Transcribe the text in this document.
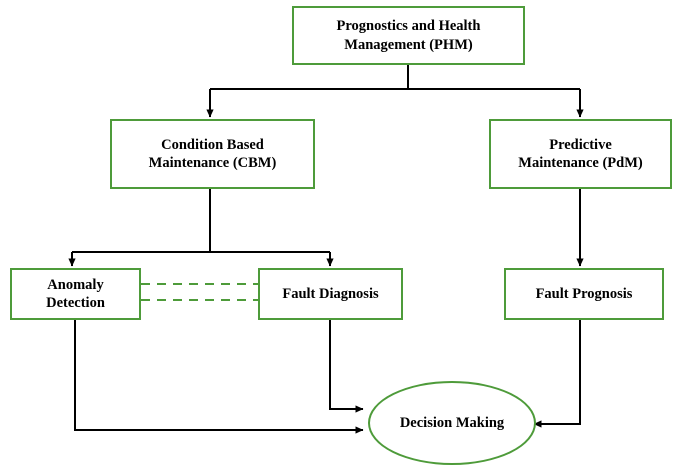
Prognostics and Health
Management (PHM)
Condition Based
Maintenance (CBM)
Predictive
Maintenance (PdM)
Anomaly
Detection
Fault Diagnosis	Fault Prognosis
Decision Making
